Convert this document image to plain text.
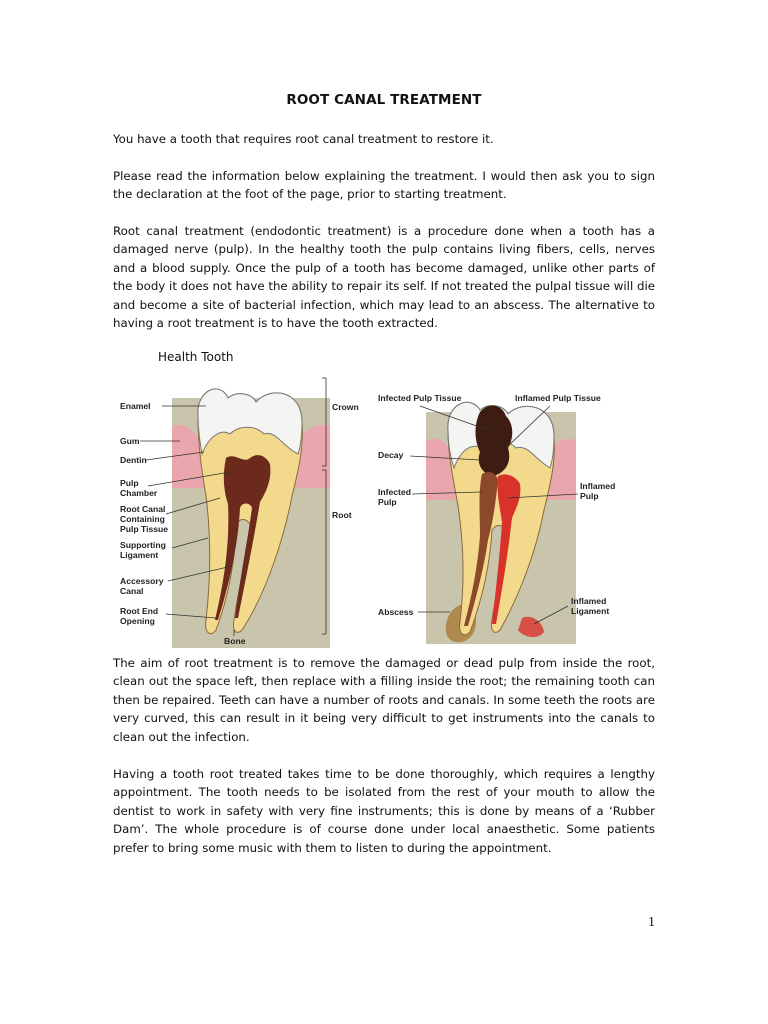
ROOT CANAL TREATMENT

You have a tooth that requires root canal treatment to restore it.

Please read the information below explaining the treatment. I would then ask you to sign the declaration at the foot of the page, prior to starting treatment.

Root canal treatment (endodontic treatment) is a procedure done when a tooth has a damaged nerve (pulp). In the healthy tooth the pulp contains living fibers, cells, nerves and a blood supply. Once the pulp of a tooth has become damaged, unlike other parts of the body it does not have the ability to repair its self. If not treated the pulpal tissue will die and become a site of bacterial infection, which may lead to an abscess. The alternative to having a root treatment is to have the tooth extracted.

Health Tooth
Enamel
Gum
Dentin
Pulp
Chamber
Root Canal
Containing
Pulp Tissue
Supporting
Ligament
Accessory
Canal
Root End
Opening
Bone
Crown
Root
Infected Pulp Tissue	Inflamed Pulp Tissue
Decay
Infected
Pulp
Inflamed
Pulp
Abscess
Inflamed
Ligament

The aim of root treatment is to remove the damaged or dead pulp from inside the root, clean out the space left, then replace with a filling inside the root; the remaining tooth can then be repaired. Teeth can have a number of roots and canals. In some teeth the roots are very curved, this can result in it being very difficult to get instruments into the canals to clean out the infection.

Having a tooth root treated takes time to be done thoroughly, which requires a lengthy appointment. The tooth needs to be isolated from the rest of your mouth to allow the dentist to work in safety with very fine instruments; this is done by means of a ‘Rubber Dam’. The whole procedure is of course done under local anaesthetic. Some patients prefer to bring some music with them to listen to during the appointment.

1
